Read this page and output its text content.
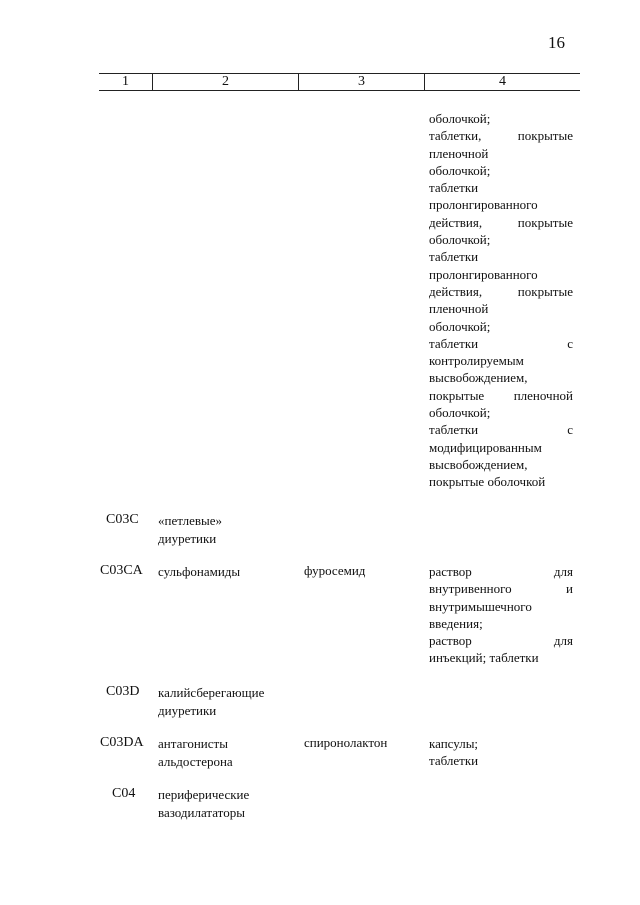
16
1	2	3	4
оболочкой;
таблетки,	покрытые
пленочной
оболочкой;
таблетки
пролонгированного
действия,	покрытые
оболочкой;
таблетки
пролонгированного
действия,	покрытые
пленочной
оболочкой;
таблетки	с
контролируемым
высвобождением,
покрытые пленочной
оболочкой;
таблетки	с
модифицированным
высвобождением,
покрытые оболочкой
C03C «петлевые»
диуретики
C03CA сульфонамиды	фуросемид	раствор	для
внутривенного	и
внутримышечного
введения;
раствор	для
инъекций; таблетки
C03D калийсберегающие
диуретики
C03DA антагонисты
альдостерона
спиронолактон	капсулы;
таблетки
C04 периферические
вазодилататоры
